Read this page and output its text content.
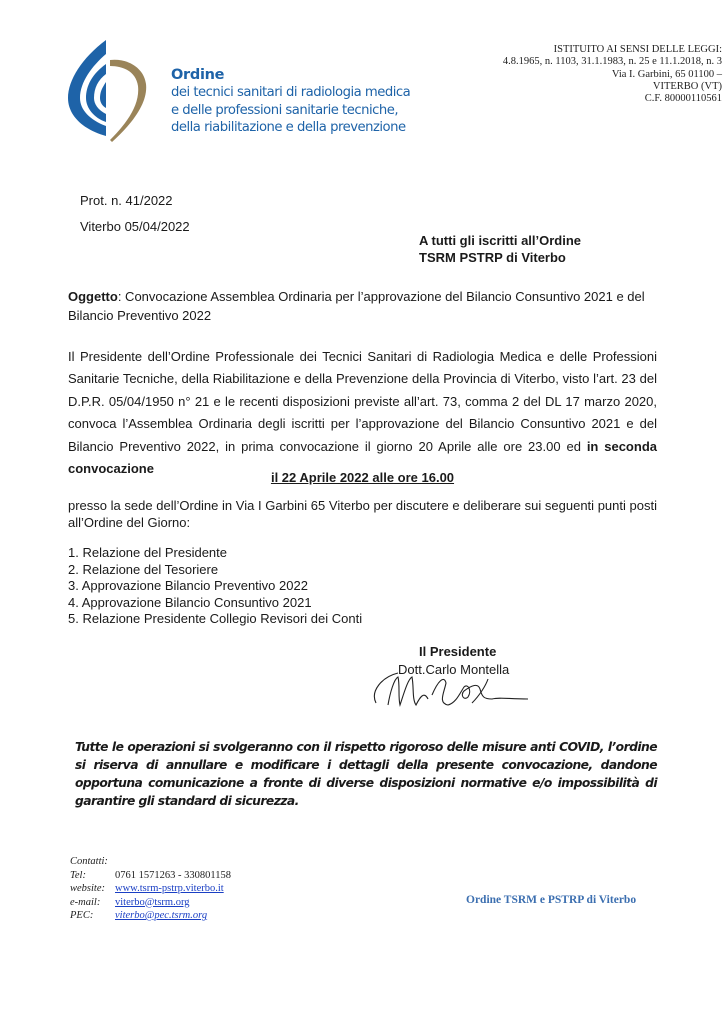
Ordine
dei tecnici sanitari di radiologia medica
e delle professioni sanitarie tecniche,
della riabilitazione e della prevenzione
ISTITUITO AI SENSI DELLE LEGGI:
4.8.1965, n. 1103, 31.1.1983, n. 25 e 11.1.2018, n. 3
Via I. Garbini, 65 01100 –
VITERBO (VT)
C.F. 80000110561
Prot. n. 41/2022
Viterbo 05/04/2022
A tutti gli iscritti all’Ordine
TSRM PSTRP di Viterbo
Oggetto: Convocazione Assemblea Ordinaria per l’approvazione del Bilancio Consuntivo 2021 e del Bilancio Preventivo 2022
Il Presidente dell’Ordine Professionale dei Tecnici Sanitari di Radiologia Medica e delle Professioni Sanitarie Tecniche, della Riabilitazione e della Prevenzione della Provincia di Viterbo, visto l’art. 23 del D.P.R. 05/04/1950 n° 21 e le recenti disposizioni previste all’art. 73, comma 2 del DL 17 marzo 2020, convoca l’Assemblea Ordinaria degli iscritti per l’approvazione del Bilancio Consuntivo 2021 e del Bilancio Preventivo 2022, in prima convocazione il giorno 20 Aprile alle ore 23.00 ed in seconda convocazione
il 22 Aprile 2022 alle ore 16.00
presso la sede dell’Ordine in Via I Garbini 65 Viterbo per discutere e deliberare sui seguenti punti posti all’Ordine del Giorno:
1. Relazione del Presidente
2. Relazione del Tesoriere
3. Approvazione Bilancio Preventivo 2022
4. Approvazione Bilancio Consuntivo 2021
5. Relazione Presidente Collegio Revisori dei Conti
Il Presidente
Dott.Carlo Montella
Tutte le operazioni si svolgeranno con il rispetto rigoroso delle misure anti COVID, l’ordine si riserva di annullare e modificare i dettagli della presente convocazione, dandone opportuna comunicazione a fronte di diverse disposizioni normative e/o impossibilità di garantire gli standard di sicurezza.
Contatti:
Tel:	0761 1571263 - 330801158
website: www.tsrm-pstrp.viterbo.it
e-mail: viterbo@tsrm.org
PEC: viterbo@pec.tsrm.org
Ordine TSRM e PSTRP di Viterbo
